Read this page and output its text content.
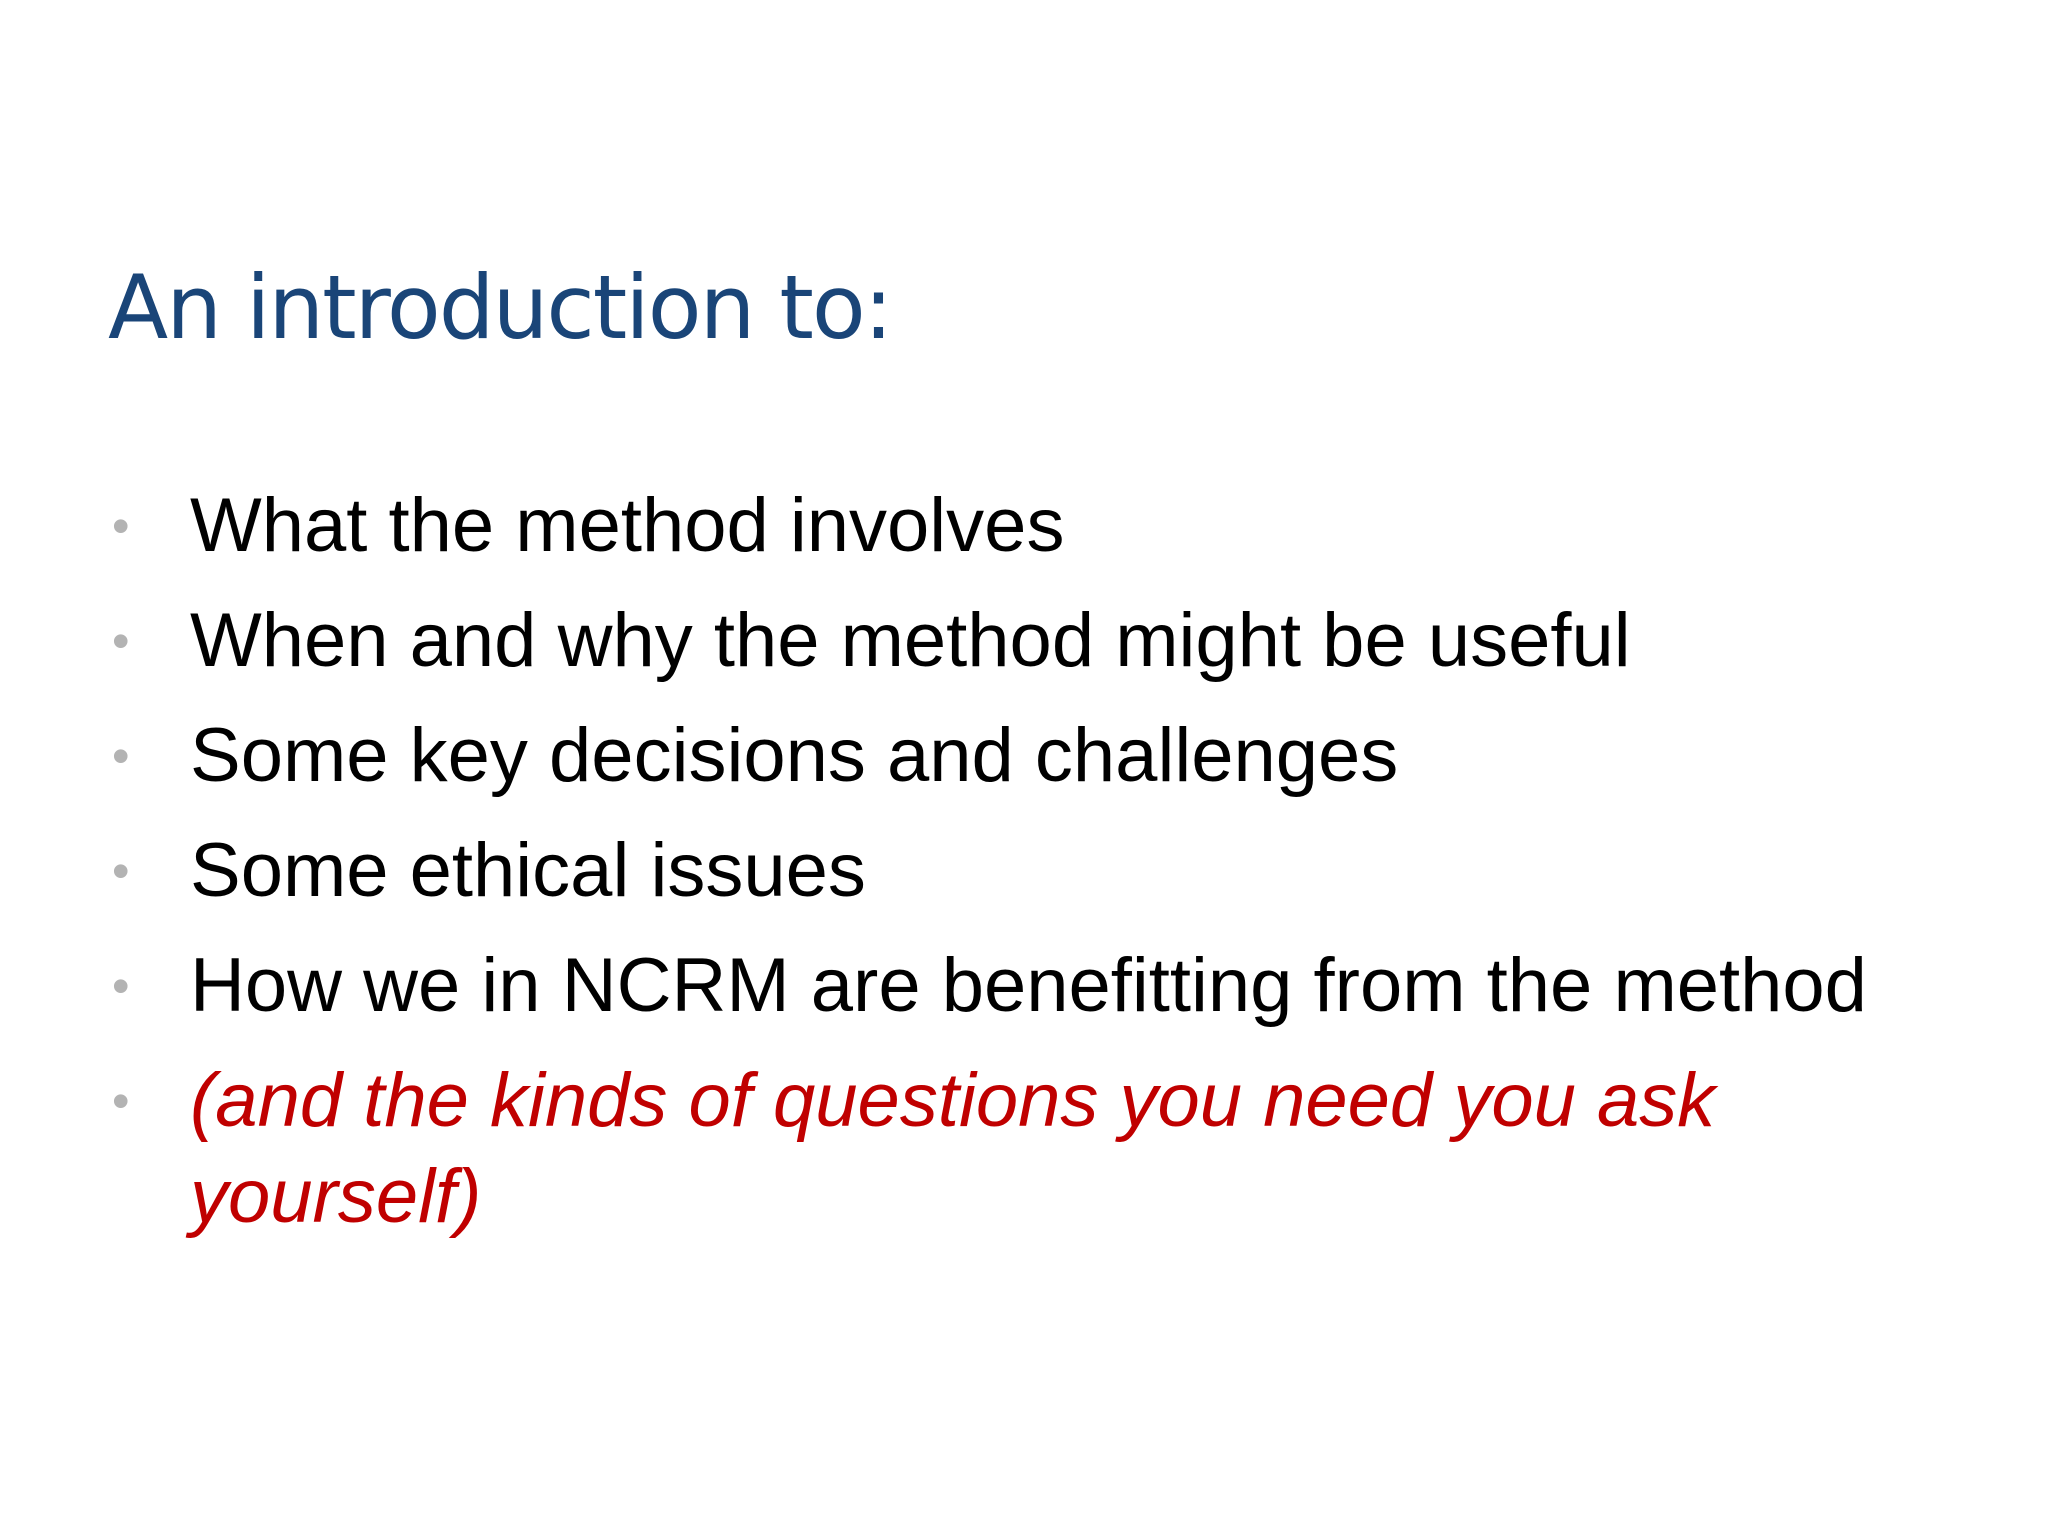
An introduction to:
• What the method involves
• When and why the method might be useful
• Some key decisions and challenges
• Some ethical issues
• How we in NCRM are benefitting from the method
• (and the kinds of questions you need you ask yourself)
